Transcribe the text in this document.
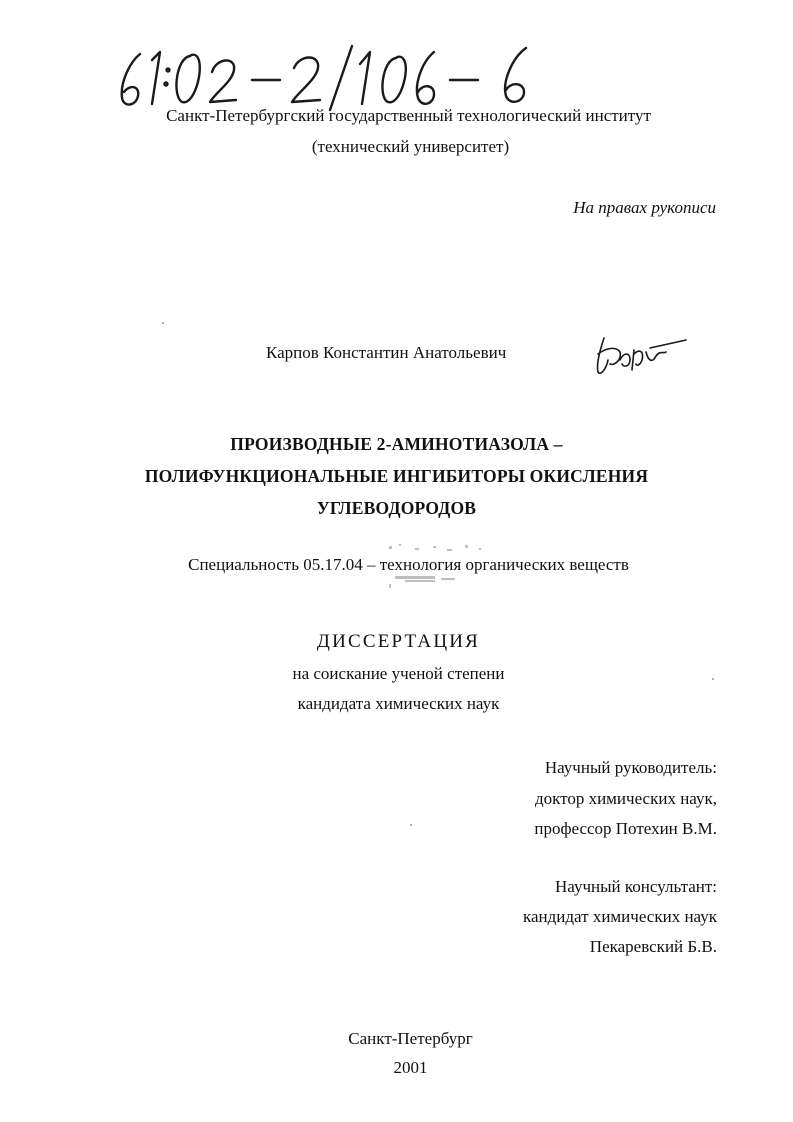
Санкт-Петербургский государственный технологический институт
(технический университет)
На правах рукописи
Карпов Константин Анатольевич
ПРОИЗВОДНЫЕ 2-АМИНОТИАЗОЛА –
ПОЛИФУНКЦИОНАЛЬНЫЕ ИНГИБИТОРЫ ОКИСЛЕНИЯ
УГЛЕВОДОРОДОВ
Специальность 05.17.04 – технология органических веществ
ДИССЕРТАЦИЯ
на соискание ученой степени
кандидата химических наук
Научный руководитель:
доктор химических наук,
профессор Потехин В.М.
Научный консультант:
кандидат химических наук
Пекаревский Б.В.
Санкт-Петербург
2001
